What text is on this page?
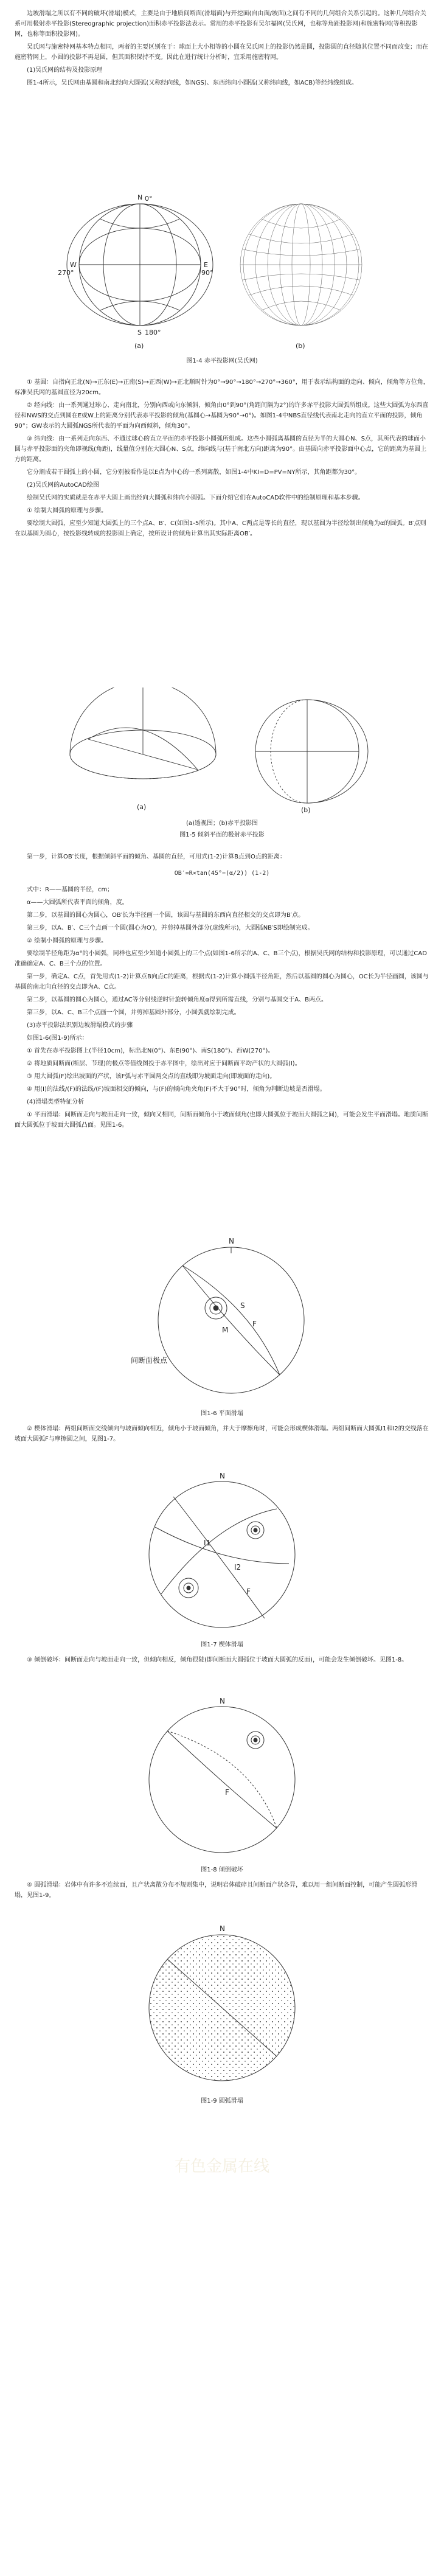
边坡滑塌之所以有不同的破坏(滑塌)模式，主要是由于地质间断面(滑塌面)与开挖面(自由面/坡面)之间有不同的几何组合关系引起的。这种几何组合关系可用极射赤平投影(Stereographic projection)面积赤平投影法表示。常用的赤平投影有吴尔福网(吴氏网，也称等角距投影网)和施密特网(等积投影网，也称等面积投影网)。

吴氏网与施密特网基本特点相同，两者的主要区别在于：球面上大小相等的小圆在吴氏网上的投影仍然是圆，投影圆的直径随其位置不同而改变；而在施密特网上，小圆的投影不再是圆，但其面积保持不变。因此在进行统计分析时，宜采用施密特网。

(1)吴氏网的结构及投影原理

图1-4所示，吴氏网由基圆和南北经向大圆弧(又称经向线，如NGS)、东西纬向小圆弧(又称纬向线，如ACB)等经纬线组成。

N
S
E
W
0°
90°
180°
270°
(a)	(b)
图1-4 赤平投影网(吴氏网)

① 基圆：自指向正北(N)→正东(E)→正南(S)→正西(W)→正北顺时针为0°→90°→180°→270°→360°，用于表示结构面的走向、倾向，倾角等方位角，标准吴氏网的基圆直径为20cm。

② 经向线：由一系列通过球心、走向南北，分别向西或向东倾斜，倾角由0°到90°(角距间隔为2°)的许多赤平投影大圆弧所组成。这些大圆弧为东西直径和NWS的交点到圆在E或W上的距离分别代表赤平投影的倾角(基圆心→基圆为90°→0°)。如图1-4中NBS直径线代表南北走向的直立平面的投影，倾角90°；GW表示的大圆弧NGS所代表的平面为向西倾斜，倾角30°。

③ 纬向线：由一系列走向东西、不通过球心的直立平面的赤平投影小圆弧所组成。这些小圆弧离基圆的直径为半的大圆心N、S点，其所代表的球面小圆与赤平投影面的夹角即视线(角距)，线量值分别在大圆心N、S点，纬向线与(基于南北方向)距离为90°。由基圆向赤平投影面中心点，它的距离为基圆上方的距离。

它分割成若干圆弧上的小圆，它分别被看作是以E点为中心的一系列离散，如图1-4中KI=D=PV=NY所示，其角距都为30°。

(2)吴氏网的AutoCAD绘图

绘制吴氏网的实质就是在赤平大圆上画出经向大圆弧和纬向小圆弧。下面介绍它们在AutoCAD软件中的绘制原理和基本步骤。

① 绘制大圆弧的原理与步骤。

要绘制大圆弧，应至少知道大圆弧上的三个点A、B′、C(如图1-5所示)。其中A、C两点是等长的直径，现以基圆为半径绘制出倾角为α的圆弧。B′点则在以基圆为圆心，按投影线转成的投影圆上确定，按所设计的倾角计算出其实际距离OB′。

(a)	(b)
(a)透视图；(b)赤平投影图
图1-5 倾斜平面的极射赤平投影

第一步，计算OB′长度，根据倾斜平面的倾角、基圆的直径，可用式(1-2)计算B点到O点的距离：

OB′=R×tan(45°−(α/2)) (1-2)

式中：R——基圆的半径，cm；

α——大圆弧所代表平面的倾角，度。

第二步，以基圆的圆心为圆心，OB′长为半径画一个圆，该圆与基圆的东西向直径相交的交点即为B′点。

第三步，以A、B′、C三个点画一个圆(圆心为O′)，并剪掉基圆外部分(虚线所示)，大圆弧NB′S即绘制完成。

② 绘制小圆弧的原理与步骤。

要绘制半径角距为α°的小圆弧，同样也应至少知道小圆弧上的三个点(如图1-6所示的A、C、B三个点)，根据吴氏网的结构和投影原理，可以通过CAD准确确定A、C、B三个点的位置。

第一步，确定A、C点，首先用式(1-2)计算点B向点C的距离，根据式(1-2)计算小圆弧半径角距，然后以基圆的圆心为圆心，OC长为半径画圆，该圆与基圆的南北向直径的交点即为A、C点。

第二步，以基圆的圆心为圆心，通过AC等分射线逆时针旋转倾角度α得到所需直线，分别与基圆交于A、B两点。

第三步，以A、C、B三个点画一个圆，并剪掉基圆外部分，小圆弧就绘制完成。

(3)赤平投影法识别边坡滑塌模式的步骤

如图1-6(图1-9)所示：

① 首先在赤平投影图上(半径10cm)，标出北N(0°)、东E(90°)、南S(180°)、西W(270°)。

② 将地质间断面(断层、节理)的极点等值线图投于赤平图中，绘出对应于间断面平均产状的大圆弧(I)。

③ 用大圆弧(F)绘出坡面的产状，该F弧与赤平圆两交点的直线即为坡面走向(即坡面的走向)。

④ 用(I)的法线/(F)的法线/(F)坡面相交的倾向，与(F)的倾向角夹角(F)不大于90°时，倾角为判断边坡是否滑塌。

(4)滑塌类型特征分析

① 平面滑塌：间断面走向与坡面走向一致，倾向又相同，间断面倾角小于坡面倾角(也即大圆弧位于坡面大圆弧之间)，可能会发生平面滑塌。地质间断面大圆弧位于坡面大圆弧凸面。见图1-6。

N
F
S
M
间断面极点
图1-6 平面滑塌

② 楔体滑塌：两组间断面交线倾向与坡面倾向相近，倾角小于坡面倾角，并大于摩擦角时，可能会形成楔体滑塌。两组间断面大圆弧I1和I2的交线落在坡面大圆弧F与摩擦圆之间，见图1-7。

N
I1
I2
F
图1-7 楔体滑塌

③ 倾倒破坏：间断面走向与坡面走向一致，但倾向相反，倾角很陡(即间断面大圆弧位于坡面大圆弧的反面)，可能会发生倾倒破坏。见图1-8。

N
F
图1-8 倾倒破坏

④ 圆弧滑塌：岩体中有许多不连续面，且产状离散分布不规则集中，说明岩体破碎且间断面产状各异，难以用一组间断面控制，可能产生圆弧形滑塌，见图1-9。

N
图1-9 圆弧滑塌
有色金属在线
